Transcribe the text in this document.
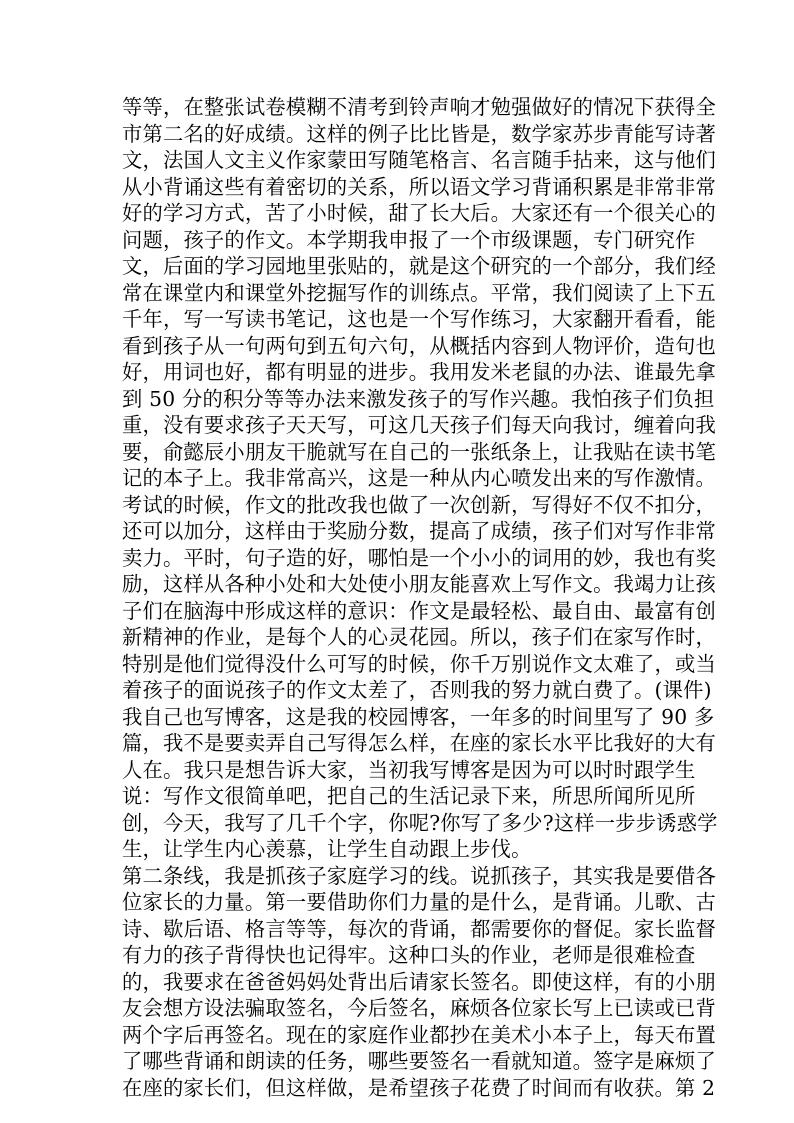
等等，在整张试卷模糊不清考到铃声响才勉强做好的情况下获得全
市第二名的好成绩。这样的例子比比皆是，数学家苏步青能写诗著
文，法国人文主义作家蒙田写随笔格言、名言随手拈来，这与他们
从小背诵这些有着密切的关系，所以语文学习背诵积累是非常非常
好的学习方式，苦了小时候，甜了长大后。大家还有一个很关心的
问题，孩子的作文。本学期我申报了一个市级课题，专门研究作
文，后面的学习园地里张贴的，就是这个研究的一个部分，我们经
常在课堂内和课堂外挖掘写作的训练点。平常，我们阅读了上下五
千年，写一写读书笔记，这也是一个写作练习，大家翻开看看，能
看到孩子从一句两句到五句六句，从概括内容到人物评价，造句也
好，用词也好，都有明显的进步。我用发米老鼠的办法、谁最先拿
到 50 分的积分等等办法来激发孩子的写作兴趣。我怕孩子们负担
重，没有要求孩子天天写，可这几天孩子们每天向我讨，缠着向我
要，俞懿辰小朋友干脆就写在自己的一张纸条上，让我贴在读书笔
记的本子上。我非常高兴，这是一种从内心喷发出来的写作激情。
考试的时候，作文的批改我也做了一次创新，写得好不仅不扣分，
还可以加分，这样由于奖励分数，提高了成绩，孩子们对写作非常
卖力。平时，句子造的好，哪怕是一个小小的词用的妙，我也有奖
励，这样从各种小处和大处使小朋友能喜欢上写作文。我竭力让孩
子们在脑海中形成这样的意识：作文是最轻松、最自由、最富有创
新精神的作业，是每个人的心灵花园。所以，孩子们在家写作时，
特别是他们觉得没什么可写的时候，你千万别说作文太难了，或当
着孩子的面说孩子的作文太差了，否则我的努力就白费了。(课件)
我自己也写博客，这是我的校园博客，一年多的时间里写了 90 多
篇，我不是要卖弄自己写得怎么样，在座的家长水平比我好的大有
人在。我只是想告诉大家，当初我写博客是因为可以时时跟学生
说：写作文很简单吧，把自己的生活记录下来，所思所闻所见所
创，今天，我写了几千个字，你呢?你写了多少?这样一步步诱惑学
生，让学生内心羡慕，让学生自动跟上步伐。
第二条线，我是抓孩子家庭学习的线。说抓孩子，其实我是要借各
位家长的力量。第一要借助你们力量的是什么，是背诵。儿歌、古
诗、歇后语、格言等等，每次的背诵，都需要你的督促。家长监督
有力的孩子背得快也记得牢。这种口头的作业，老师是很难检查
的，我要求在爸爸妈妈处背出后请家长签名。即使这样，有的小朋
友会想方设法骗取签名，今后签名，麻烦各位家长写上已读或已背
两个字后再签名。现在的家庭作业都抄在美术小本子上，每天布置
了哪些背诵和朗读的任务，哪些要签名一看就知道。签字是麻烦了
在座的家长们，但这样做，是希望孩子花费了时间而有收获。第 2
